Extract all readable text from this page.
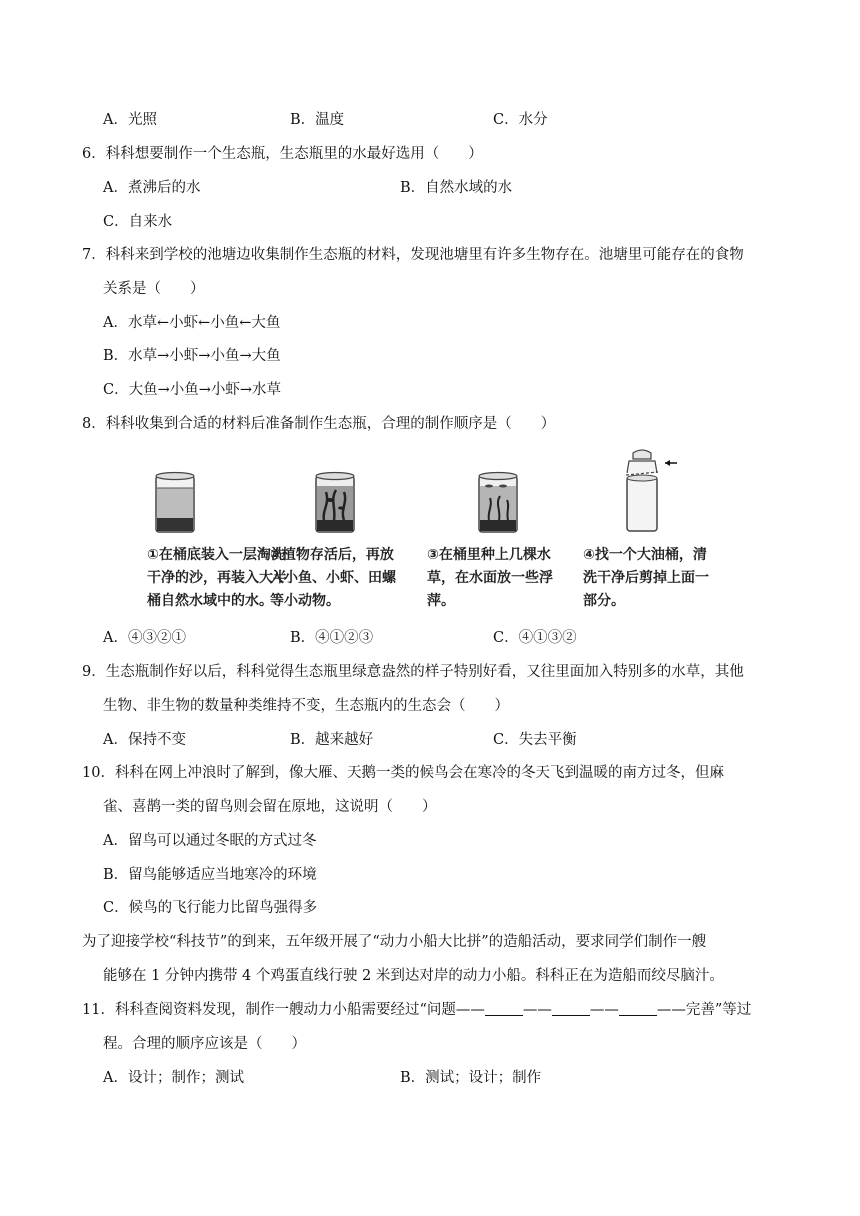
A．光照	B．温度	C．水分
6．科科想要制作一个生态瓶，生态瓶里的水最好选用（　　）
A．煮沸后的水	B．自然水域的水
C．自来水
7．科科来到学校的池塘边收集制作生态瓶的材料，发现池塘里有许多生物存在。池塘里可能存在的食物
关系是（　　）
A．水草←小虾←小鱼←大鱼
B．水草→小虾→小鱼→大鱼
C．大鱼→小鱼→小虾→水草
8．科科收集到合适的材料后准备制作生态瓶，合理的制作顺序是（　　）
①在桶底装入一层淘洗
干净的沙，再装入大半
桶自然水域中的水。
②植物存活后，再放
入小鱼、小虾、田螺
等小动物。
③在桶里种上几棵水
草，在水面放一些浮
萍。
④找一个大油桶，清
洗干净后剪掉上面一
部分。
A．④③②①	B．④①②③	C．④①③②
9．生态瓶制作好以后，科科觉得生态瓶里绿意盎然的样子特别好看，又往里面加入特别多的水草，其他
生物、非生物的数量种类维持不变，生态瓶内的生态会（　　）
A．保持不变	B．越来越好	C．失去平衡
10．科科在网上冲浪时了解到，像大雁、天鹅一类的候鸟会在寒冷的冬天飞到温暖的南方过冬，但麻
雀、喜鹊一类的留鸟则会留在原地，这说明（　　）
A．留鸟可以通过冬眠的方式过冬
B．留鸟能够适应当地寒冷的环境
C．候鸟的飞行能力比留鸟强得多
为了迎接学校“科技节”的到来，五年级开展了“动力小船大比拼”的造船活动，要求同学们制作一艘
能够在 1 分钟内携带 4 个鸡蛋直线行驶 2 米到达对岸的动力小船。科科正在为造船而绞尽脑汁。
11．科科查阅资料发现，制作一艘动力小船需要经过“问题——	——	——	——完善”等过
程。合理的顺序应该是（　　）
A．设计；制作；测试	B．测试；设计；制作
